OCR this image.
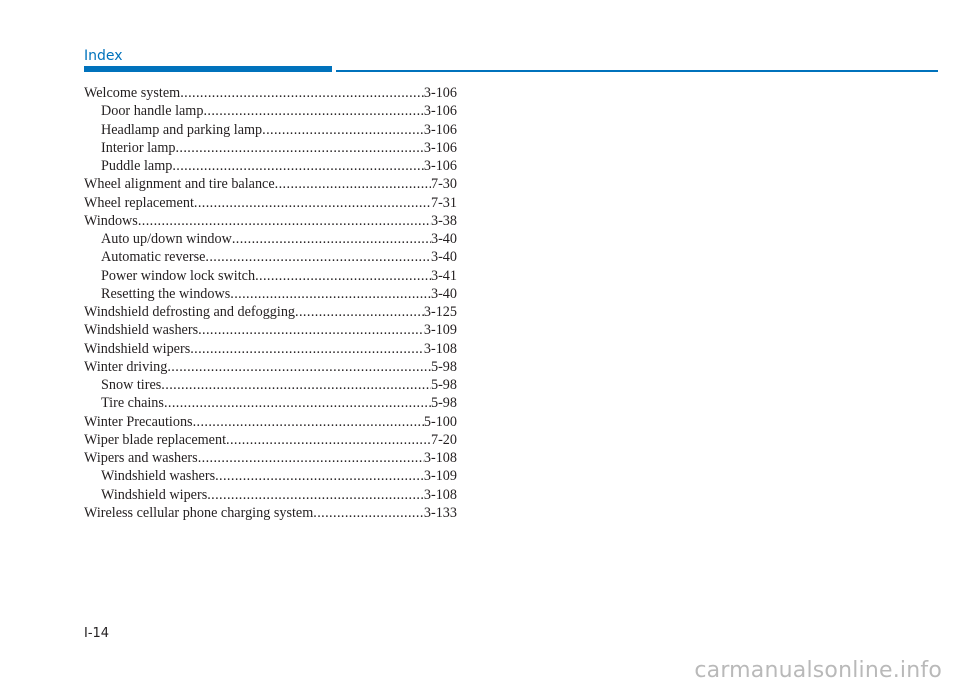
Index
Welcome system .....	3-106
Door handle lamp .....	3-106
Headlamp and parking lamp .....	3-106
Interior lamp .....	3-106
Puddle lamp .....	3-106
Wheel alignment and tire balance .....	7-30
Wheel replacement .....	7-31
Windows .....	3-38
Auto up/down window .....	3-40
Automatic reverse .....	3-40
Power window lock switch .....	3-41
Resetting the windows .....	3-40
Windshield defrosting and defogging .....	3-125
Windshield washers .....	3-109
Windshield wipers .....	3-108
Winter driving .....	5-98
Snow tires .....	5-98
Tire chains .....	5-98
Winter Precautions .....	5-100
Wiper blade replacement .....	7-20
Wipers and washers .....	3-108
Windshield washers .....	3-109
Windshield wipers .....	3-108
Wireless cellular phone charging system .....	3-133
I-14
carmanualsonline.info
